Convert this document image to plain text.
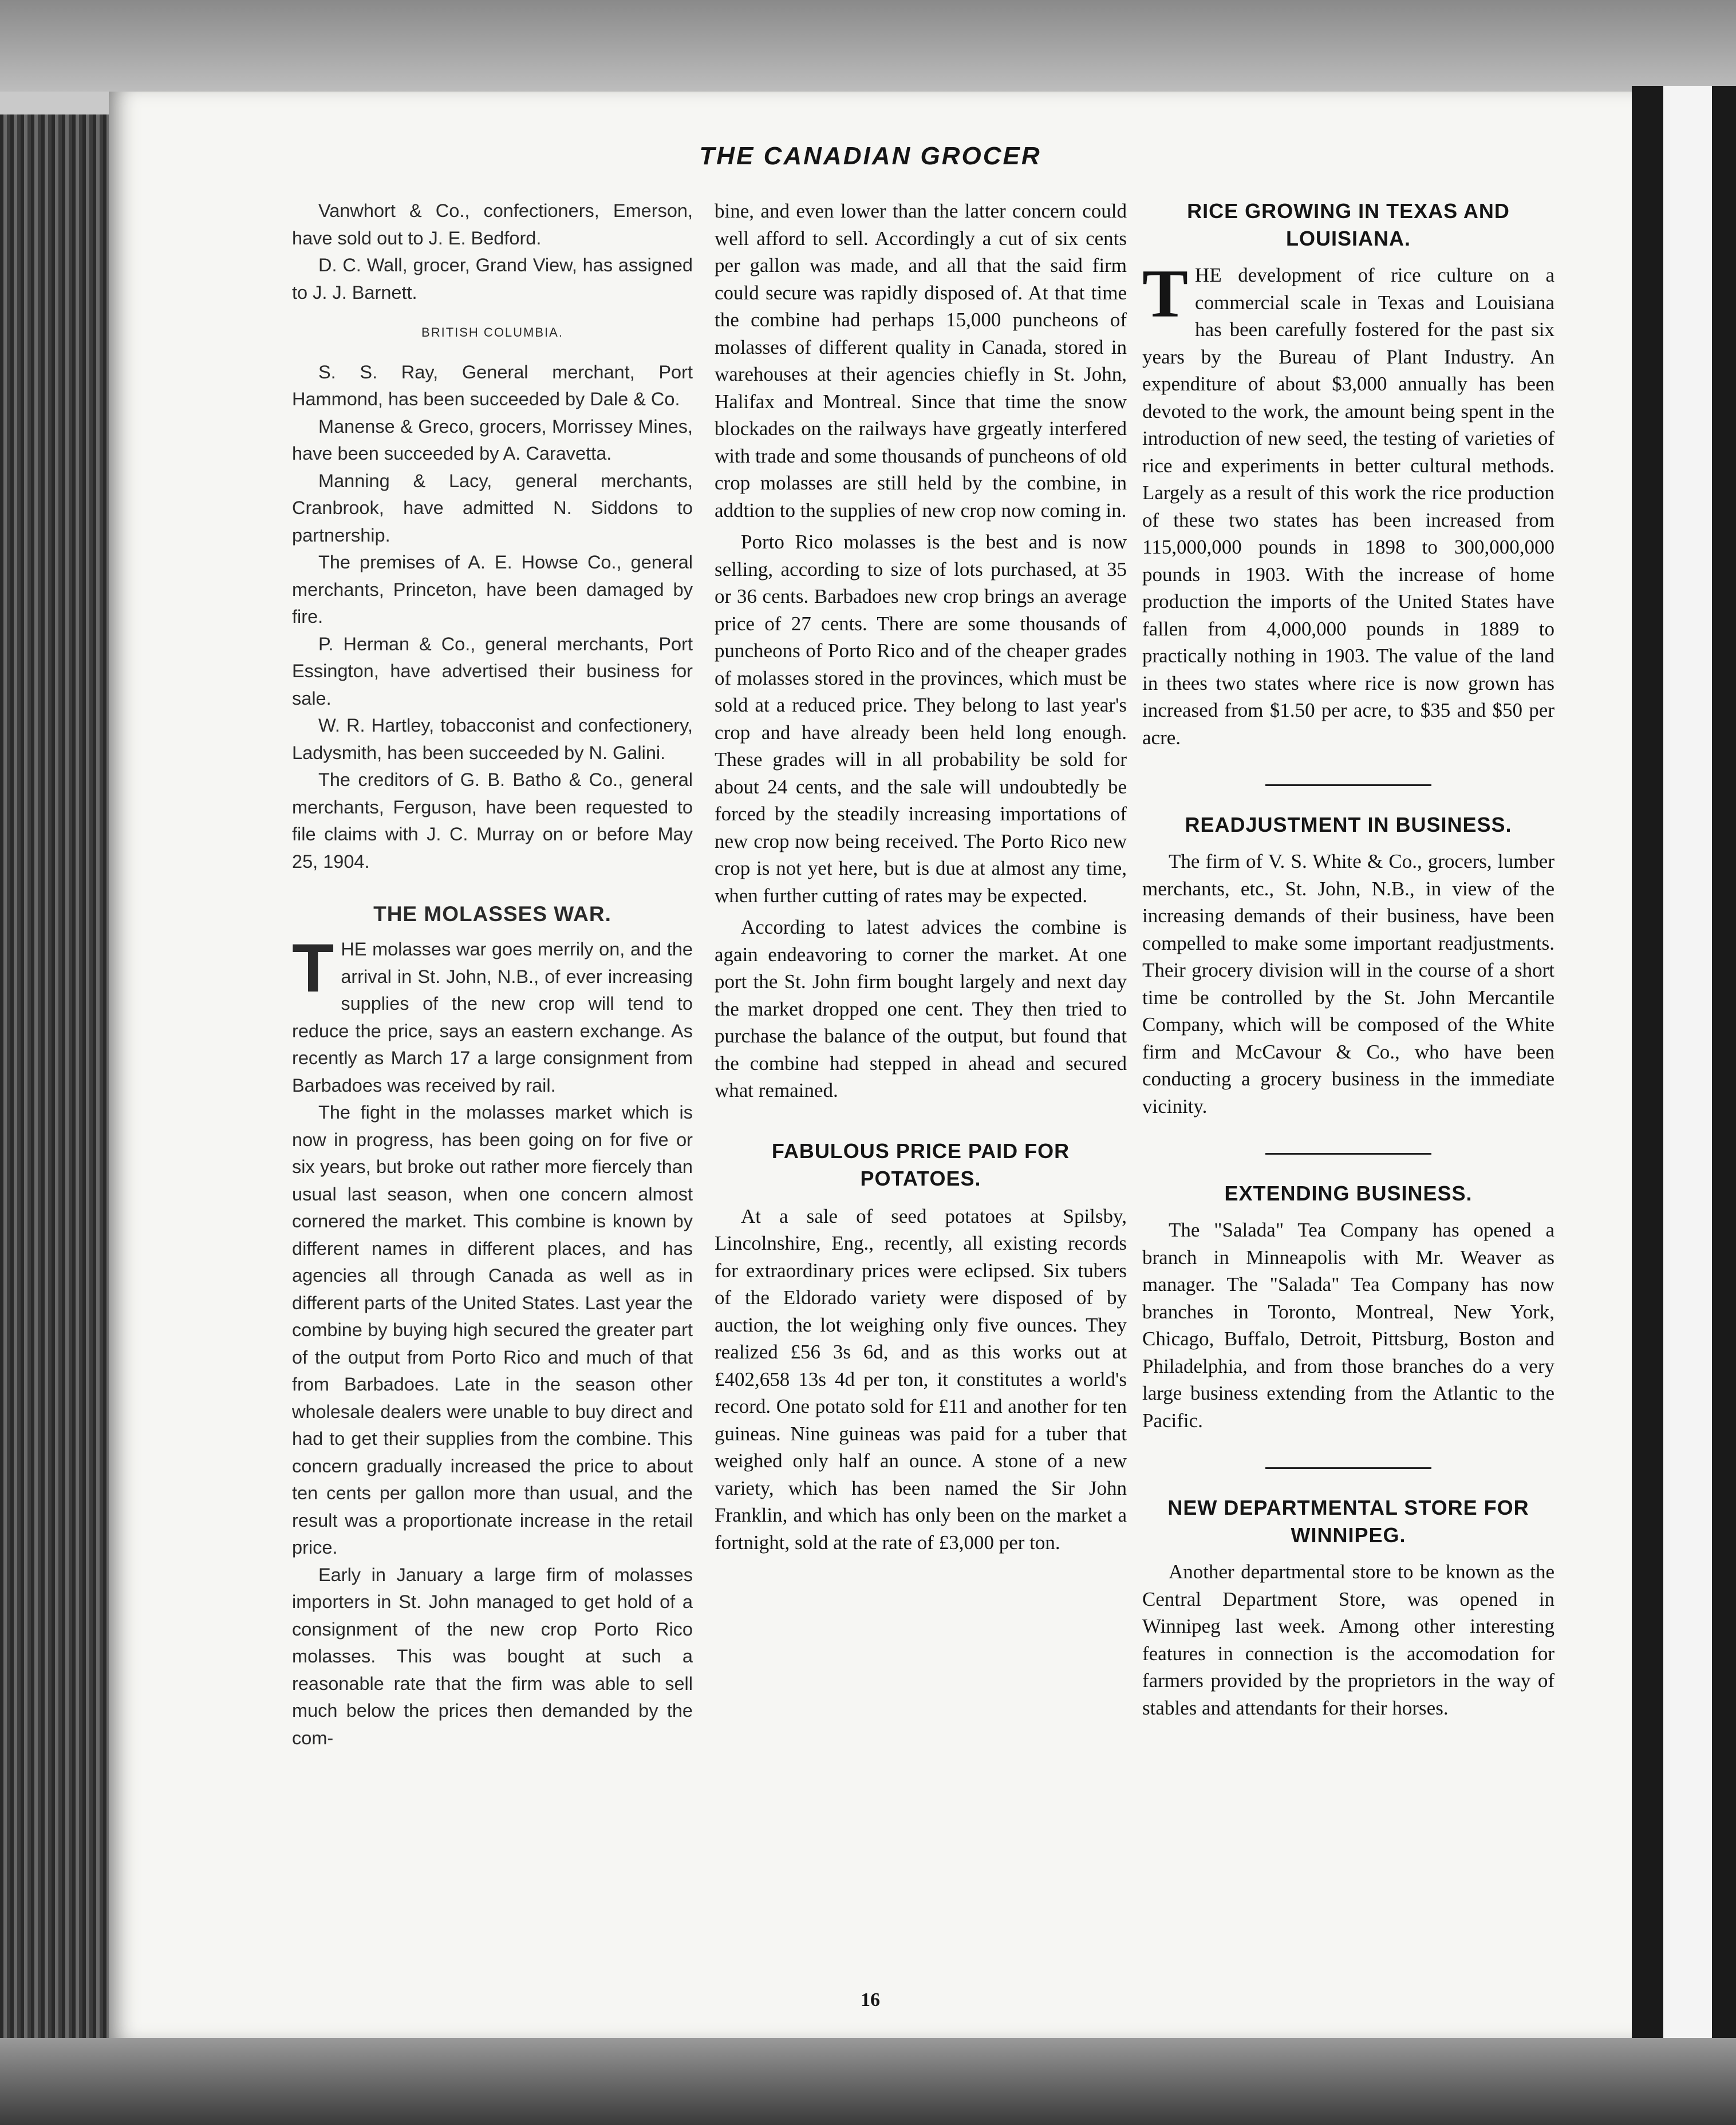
THE CANADIAN GROCER

Vanwhort & Co., confectioners, Emerson, have sold out to J. E. Bedford.

D. C. Wall, grocer, Grand View, has assigned to J. J. Barnett.

BRITISH COLUMBIA.

S. S. Ray, General merchant, Port Hammond, has been succeeded by Dale & Co.

Manense & Greco, grocers, Morrissey Mines, have been succeeded by A. Caravetta.

Manning & Lacy, general merchants, Cranbrook, have admitted N. Siddons to partnership.

The premises of A. E. Howse Co., general merchants, Princeton, have been damaged by fire.

P. Herman & Co., general merchants, Port Essington, have advertised their business for sale.

W. R. Hartley, tobacconist and confectionery, Ladysmith, has been succeeded by N. Galini.

The creditors of G. B. Batho & Co., general merchants, Ferguson, have been requested to file claims with J. C. Murray on or before May 25, 1904.

THE MOLASSES WAR.

THE molasses war goes merrily on, and the arrival in St. John, N.B., of ever increasing supplies of the new crop will tend to reduce the price, says an eastern exchange. As recently as March 17 a large consignment from Barbadoes was received by rail.

The fight in the molasses market which is now in progress, has been going on for five or six years, but broke out rather more fiercely than usual last season, when one concern almost cornered the market. This combine is known by different names in different places, and has agencies all through Canada as well as in different parts of the United States. Last year the combine by buying high secured the greater part of the output from Porto Rico and much of that from Barbadoes. Late in the season other wholesale dealers were unable to buy direct and had to get their supplies from the combine. This concern gradually increased the price to about ten cents per gallon more than usual, and the result was a proportionate increase in the retail price.

Early in January a large firm of molasses importers in St. John managed to get hold of a consignment of the new crop Porto Rico molasses. This was bought at such a reasonable rate that the firm was able to sell much below the prices then demanded by the com-

bine, and even lower than the latter concern could well afford to sell. Accordingly a cut of six cents per gallon was made, and all that the said firm could secure was rapidly disposed of. At that time the combine had perhaps 15,000 puncheons of molasses of different quality in Canada, stored in warehouses at their agencies chiefly in St. John, Halifax and Montreal. Since that time the snow blockades on the railways have grgeatly interfered with trade and some thousands of puncheons of old crop molasses are still held by the combine, in addtion to the supplies of new crop now coming in.

Porto Rico molasses is the best and is now selling, according to size of lots purchased, at 35 or 36 cents. Barbadoes new crop brings an average price of 27 cents. There are some thousands of puncheons of Porto Rico and of the cheaper grades of molasses stored in the provinces, which must be sold at a reduced price. They belong to last year's crop and have already been held long enough. These grades will in all probability be sold for about 24 cents, and the sale will undoubtedly be forced by the steadily increasing importations of new crop now being received. The Porto Rico new crop is not yet here, but is due at almost any time, when further cutting of rates may be expected.

According to latest advices the combine is again endeavoring to corner the market. At one port the St. John firm bought largely and next day the market dropped one cent. They then tried to purchase the balance of the output, but found that the combine had stepped in ahead and secured what remained.

FABULOUS PRICE PAID FOR POTATOES.

At a sale of seed potatoes at Spilsby, Lincolnshire, Eng., recently, all existing records for extraordinary prices were eclipsed. Six tubers of the Eldorado variety were disposed of by auction, the lot weighing only five ounces. They realized £56 3s 6d, and as this works out at £402,658 13s 4d per ton, it constitutes a world's record. One potato sold for £11 and another for ten guineas. Nine guineas was paid for a tuber that weighed only half an ounce. A stone of a new variety, which has been named the Sir John Franklin, and which has only been on the market a fortnight, sold at the rate of £3,000 per ton.

RICE GROWING IN TEXAS AND LOUISIANA.

THE development of rice culture on a commercial scale in Texas and Louisiana has been carefully fostered for the past six years by the Bureau of Plant Industry. An expenditure of about $3,000 annually has been devoted to the work, the amount being spent in the introduction of new seed, the testing of varieties of rice and experiments in better cultural methods. Largely as a result of this work the rice production of these two states has been increased from 115,000,000 pounds in 1898 to 300,000,000 pounds in 1903. With the increase of home production the imports of the United States have fallen from 4,000,000 pounds in 1889 to practically nothing in 1903. The value of the land in thees two states where rice is now grown has increased from $1.50 per acre, to $35 and $50 per acre.

READJUSTMENT IN BUSINESS.

The firm of V. S. White & Co., grocers, lumber merchants, etc., St. John, N.B., in view of the increasing demands of their business, have been compelled to make some important readjustments. Their grocery division will in the course of a short time be controlled by the St. John Mercantile Company, which will be composed of the White firm and McCavour & Co., who have been conducting a grocery business in the immediate vicinity.

EXTENDING BUSINESS.

The "Salada" Tea Company has opened a branch in Minneapolis with Mr. Weaver as manager. The "Salada" Tea Company has now branches in Toronto, Montreal, New York, Chicago, Buffalo, Detroit, Pittsburg, Boston and Philadelphia, and from those branches do a very large business extending from the Atlantic to the Pacific.

NEW DEPARTMENTAL STORE FOR WINNIPEG.

Another departmental store to be known as the Central Department Store, was opened in Winnipeg last week. Among other interesting features in connection is the accomodation for farmers provided by the proprietors in the way of stables and attendants for their horses.

16
